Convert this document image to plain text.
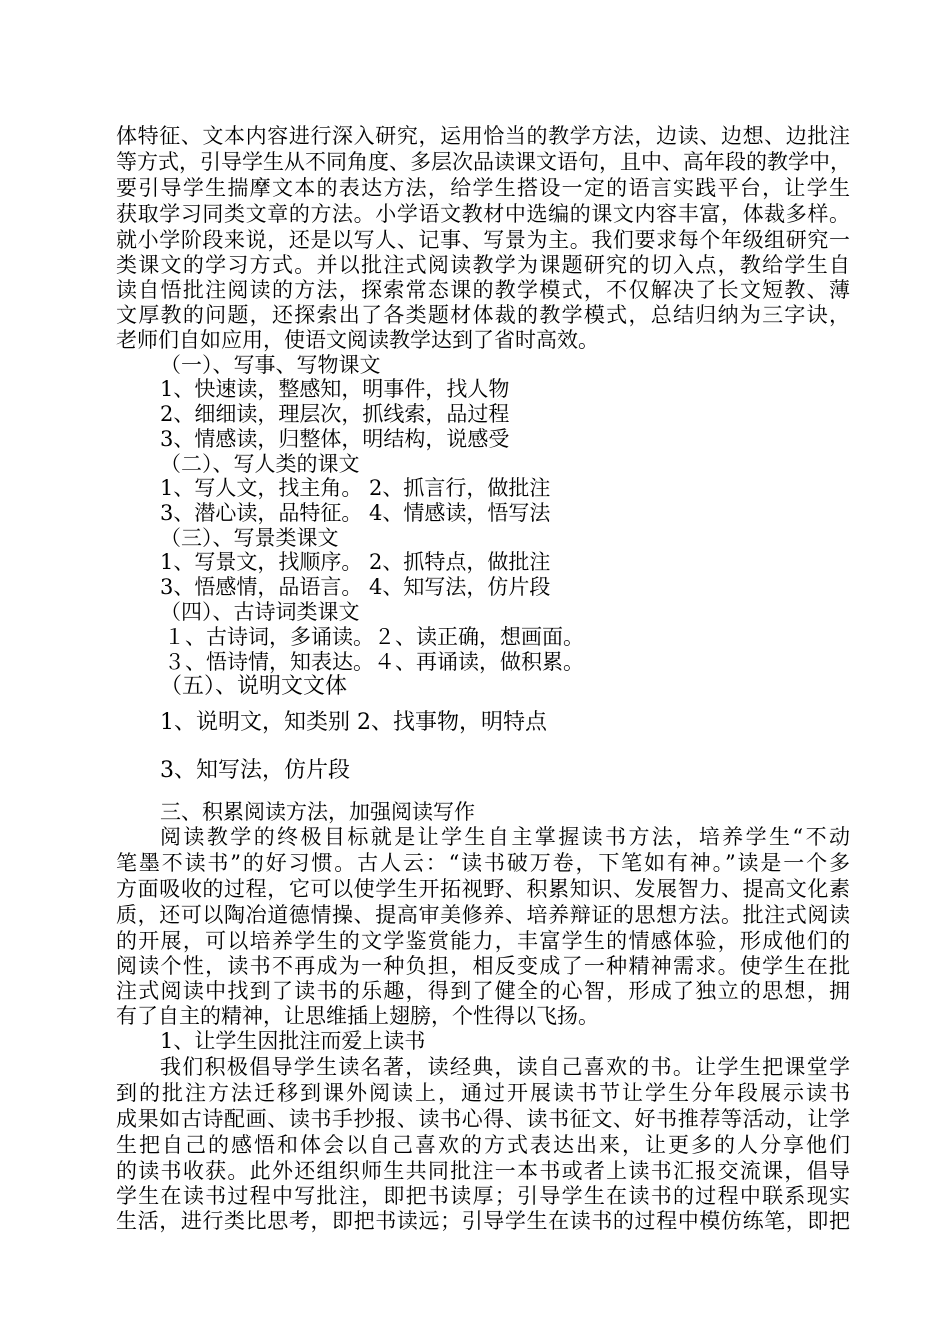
体特征、文本内容进行深入研究，运用恰当的教学方法，边读、边想、边批注
等方式，引导学生从不同角度、多层次品读课文语句，且中、高年段的教学中，
要引导学生揣摩文本的表达方法，给学生搭设一定的语言实践平台，让学生
获取学习同类文章的方法。小学语文教材中选编的课文内容丰富，体裁多样。
就小学阶段来说，还是以写人、记事、写景为主。我们要求每个年级组研究一
类课文的学习方式。并以批注式阅读教学为课题研究的切入点，教给学生自
读自悟批注阅读的方法，探索常态课的教学模式，不仅解决了长文短教、薄
文厚教的问题，还探索出了各类题材体裁的教学模式，总结归纳为三字诀，
老师们自如应用，使语文阅读教学达到了省时高效。
（一）、写事、写物课文
1、快速读，整感知，明事件，找人物
2、细细读，理层次，抓线索，品过程
3、情感读，归整体，明结构，说感受
（二）、写人类的课文
1、写人文，找主角。 2、抓言行，做批注
3、潜心读，品特征。 4、情感读，悟写法
（三）、写景类课文
1、写景文，找顺序。 2、抓特点，做批注
3、悟感情，品语言。 4、知写法，仿片段
（四）、古诗词类课文
１、古诗词，多诵读。２、读正确，想画面。
３、悟诗情，知表达。４、再诵读，做积累。
（五）、说明文文体
1、说明文，知类别 2、找事物，明特点
3、知写法，仿片段
三、积累阅读方法，加强阅读写作
阅读教学的终极目标就是让学生自主掌握读书方法，培养学生“不动
笔墨不读书”的好习惯。古人云：“读书破万卷，下笔如有神。”读是一个多
方面吸收的过程，它可以使学生开拓视野、积累知识、发展智力、提高文化素
质，还可以陶冶道德情操、提高审美修养、培养辩证的思想方法。批注式阅读
的开展，可以培养学生的文学鉴赏能力，丰富学生的情感体验，形成他们的
阅读个性，读书不再成为一种负担，相反变成了一种精神需求。使学生在批
注式阅读中找到了读书的乐趣，得到了健全的心智，形成了独立的思想，拥
有了自主的精神，让思维插上翅膀，个性得以飞扬。
1、让学生因批注而爱上读书
我们积极倡导学生读名著，读经典，读自己喜欢的书。让学生把课堂学
到的批注方法迁移到课外阅读上，通过开展读书节让学生分年段展示读书
成果如古诗配画、读书手抄报、读书心得、读书征文、好书推荐等活动，让学
生把自己的感悟和体会以自己喜欢的方式表达出来，让更多的人分享他们
的读书收获。此外还组织师生共同批注一本书或者上读书汇报交流课，倡导
学生在读书过程中写批注，即把书读厚；引导学生在读书的过程中联系现实
生活，进行类比思考，即把书读远；引导学生在读书的过程中模仿练笔，即把
